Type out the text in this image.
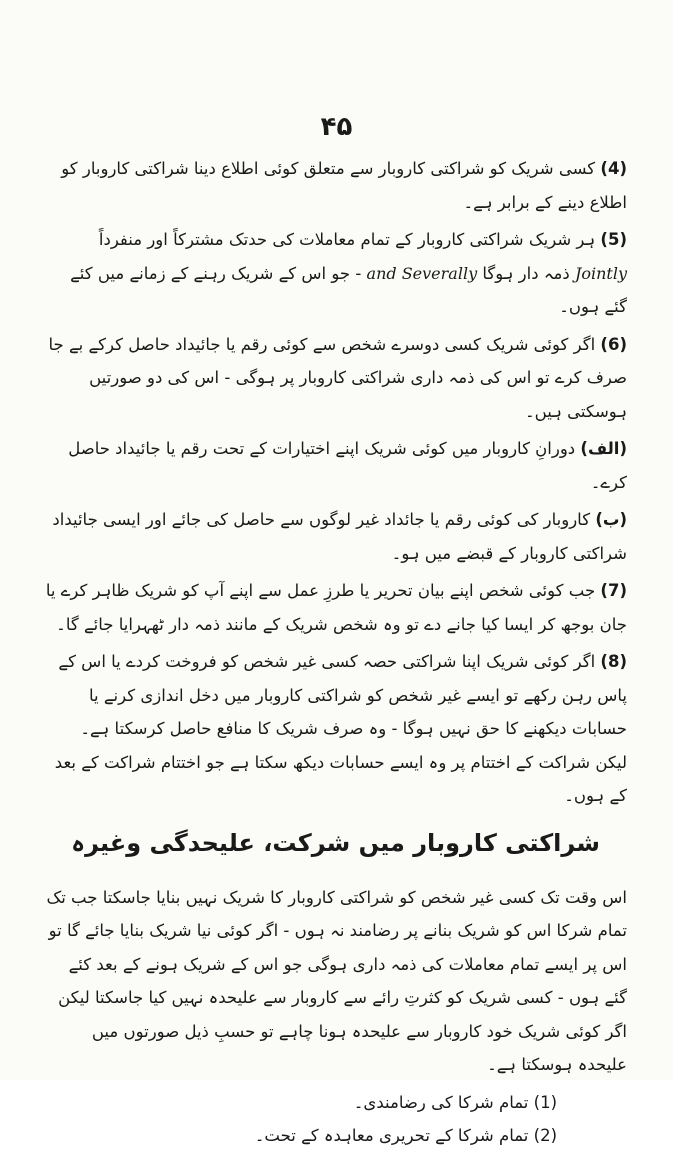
۴۵

(4) کسی شریک کو شراکتی کاروبار سے متعلق کوئی اطلاع دینا شراکتی کاروبار کو اطلاع دینے کے برابر ہے۔

(5) ہر شریک شراکتی کاروبار کے تمام معاملات کی حدتک مشترکاً اور منفرداً Jointly ذمہ دار ہوگا and Severally - جو اس کے شریک رہنے کے زمانے میں کئے گئے ہوں۔

(6) اگر کوئی شریک کسی دوسرے شخص سے کوئی رقم یا جائیداد حاصل کرکے بے جا صرف کرے تو اس کی ذمہ داری شراکتی کاروبار پر ہوگی - اس کی دو صورتیں ہوسکتی ہیں۔

(الف) دورانِ کاروبار میں کوئی شریک اپنے اختیارات کے تحت رقم یا جائیداد حاصل کرے۔

(ب) کاروبار کی کوئی رقم یا جائداد غیر لوگوں سے حاصل کی جائے اور ایسی جائیداد شراکتی کاروبار کے قبضے میں ہو۔

(7) جب کوئی شخص اپنے بیان تحریر یا طرزِ عمل سے اپنے آپ کو شریک ظاہر کرے یا جان بوجھ کر ایسا کیا جانے دے تو وہ شخص شریک کے مانند ذمہ دار ٹھہرایا جائے گا۔

(8) اگر کوئی شریک اپنا شراکتی حصہ کسی غیر شخص کو فروخت کردے یا اس کے پاس رہن رکھے تو ایسے غیر شخص کو شراکتی کاروبار میں دخل اندازی کرنے یا حسابات دیکھنے کا حق نہیں ہوگا - وہ صرف شریک کا منافع حاصل کرسکتا ہے۔ لیکن شراکت کے اختتام پر وہ ایسے حسابات دیکھ سکتا ہے جو اختتام شراکت کے بعد کے ہوں۔

شراکتی کاروبار میں شرکت، علیحدگی وغیرہ

اس وقت تک کسی غیر شخص کو شراکتی کاروبار کا شریک نہیں بنایا جاسکتا جب تک تمام شرکا اس کو شریک بنانے پر رضامند نہ ہوں - اگر کوئی نیا شریک بنایا جائے گا تو اس پر ایسے تمام معاملات کی ذمہ داری ہوگی جو اس کے شریک ہونے کے بعد کئے گئے ہوں - کسی شریک کو کثرتِ رائے سے کاروبار سے علیحدہ نہیں کیا جاسکتا لیکن اگر کوئی شریک خود کاروبار سے علیحدہ ہونا چاہے تو حسبِ ذیل صورتوں میں علیحدہ ہوسکتا ہے۔

(1) تمام شرکا کی رضامندی۔

(2) تمام شرکا کے تحریری معاہدہ کے تحت۔
